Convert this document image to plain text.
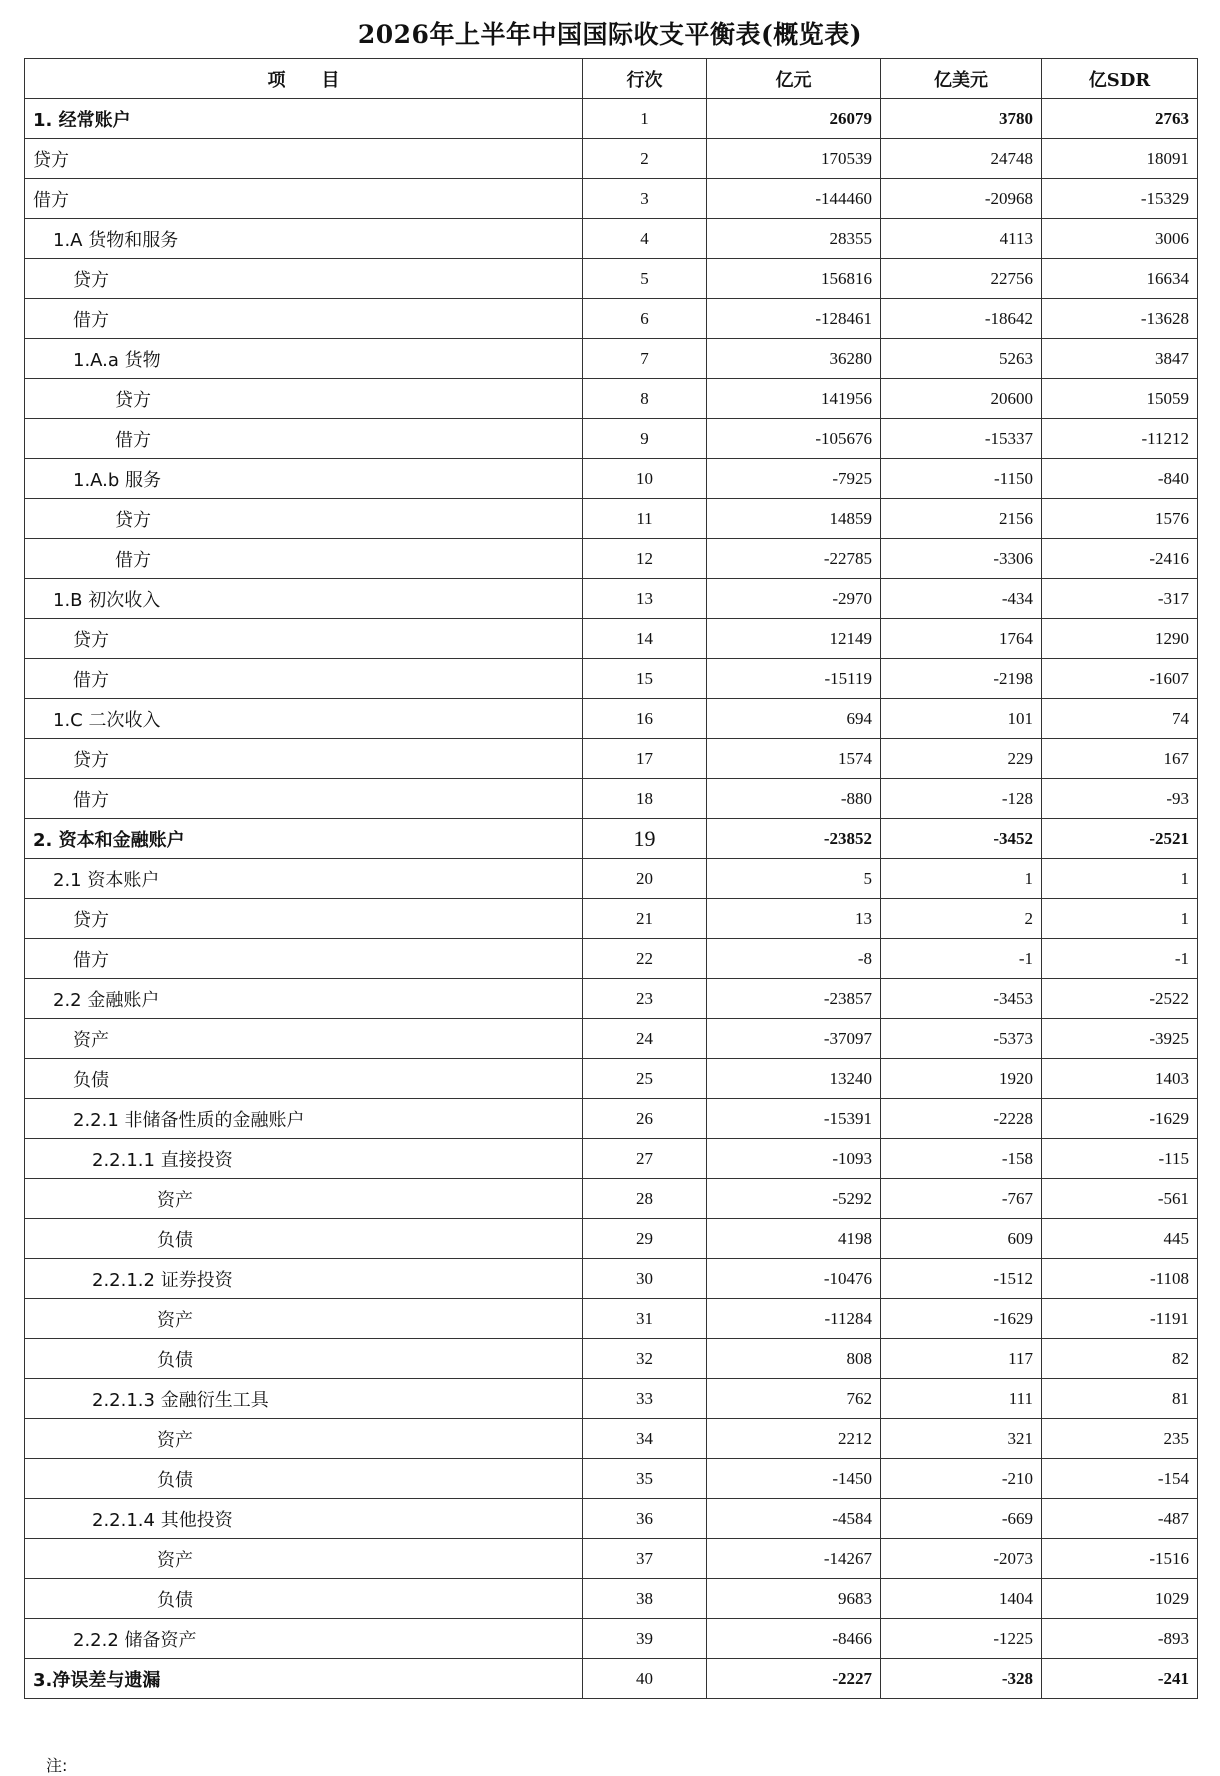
2026年上半年中国国际收支平衡表(概览表)
项　　目	行次	亿元	亿美元	亿SDR
1. 经常账户	1	26079	3780	2763
贷方	2	170539	24748	18091
借方	3	-144460	-20968	-15329
1.A 货物和服务	4	28355	4113	3006
贷方	5	156816	22756	16634
借方	6	-128461	-18642	-13628
1.A.a 货物	7	36280	5263	3847
贷方	8	141956	20600	15059
借方	9	-105676	-15337	-11212
1.A.b 服务	10	-7925	-1150	-840
贷方	11	14859	2156	1576
借方	12	-22785	-3306	-2416
1.B 初次收入	13	-2970	-434	-317
贷方	14	12149	1764	1290
借方	15	-15119	-2198	-1607
1.C 二次收入	16	694	101	74
贷方	17	1574	229	167
借方	18	-880	-128	-93
2. 资本和金融账户	19	-23852	-3452	-2521
2.1 资本账户	20	5	1	1
贷方	21	13	2	1
借方	22	-8	-1	-1
2.2 金融账户	23	-23857	-3453	-2522
资产	24	-37097	-5373	-3925
负债	25	13240	1920	1403
2.2.1 非储备性质的金融账户	26	-15391	-2228	-1629
2.2.1.1 直接投资	27	-1093	-158	-115
资产	28	-5292	-767	-561
负债	29	4198	609	445
2.2.1.2 证券投资	30	-10476	-1512	-1108
资产	31	-11284	-1629	-1191
负债	32	808	117	82
2.2.1.3 金融衍生工具	33	762	111	81
资产	34	2212	321	235
负债	35	-1450	-210	-154
2.2.1.4 其他投资	36	-4584	-669	-487
资产	37	-14267	-2073	-1516
负债	38	9683	1404	1029
2.2.2 储备资产	39	-8466	-1225	-893
3.净误差与遗漏	40	-2227	-328	-241
注:
